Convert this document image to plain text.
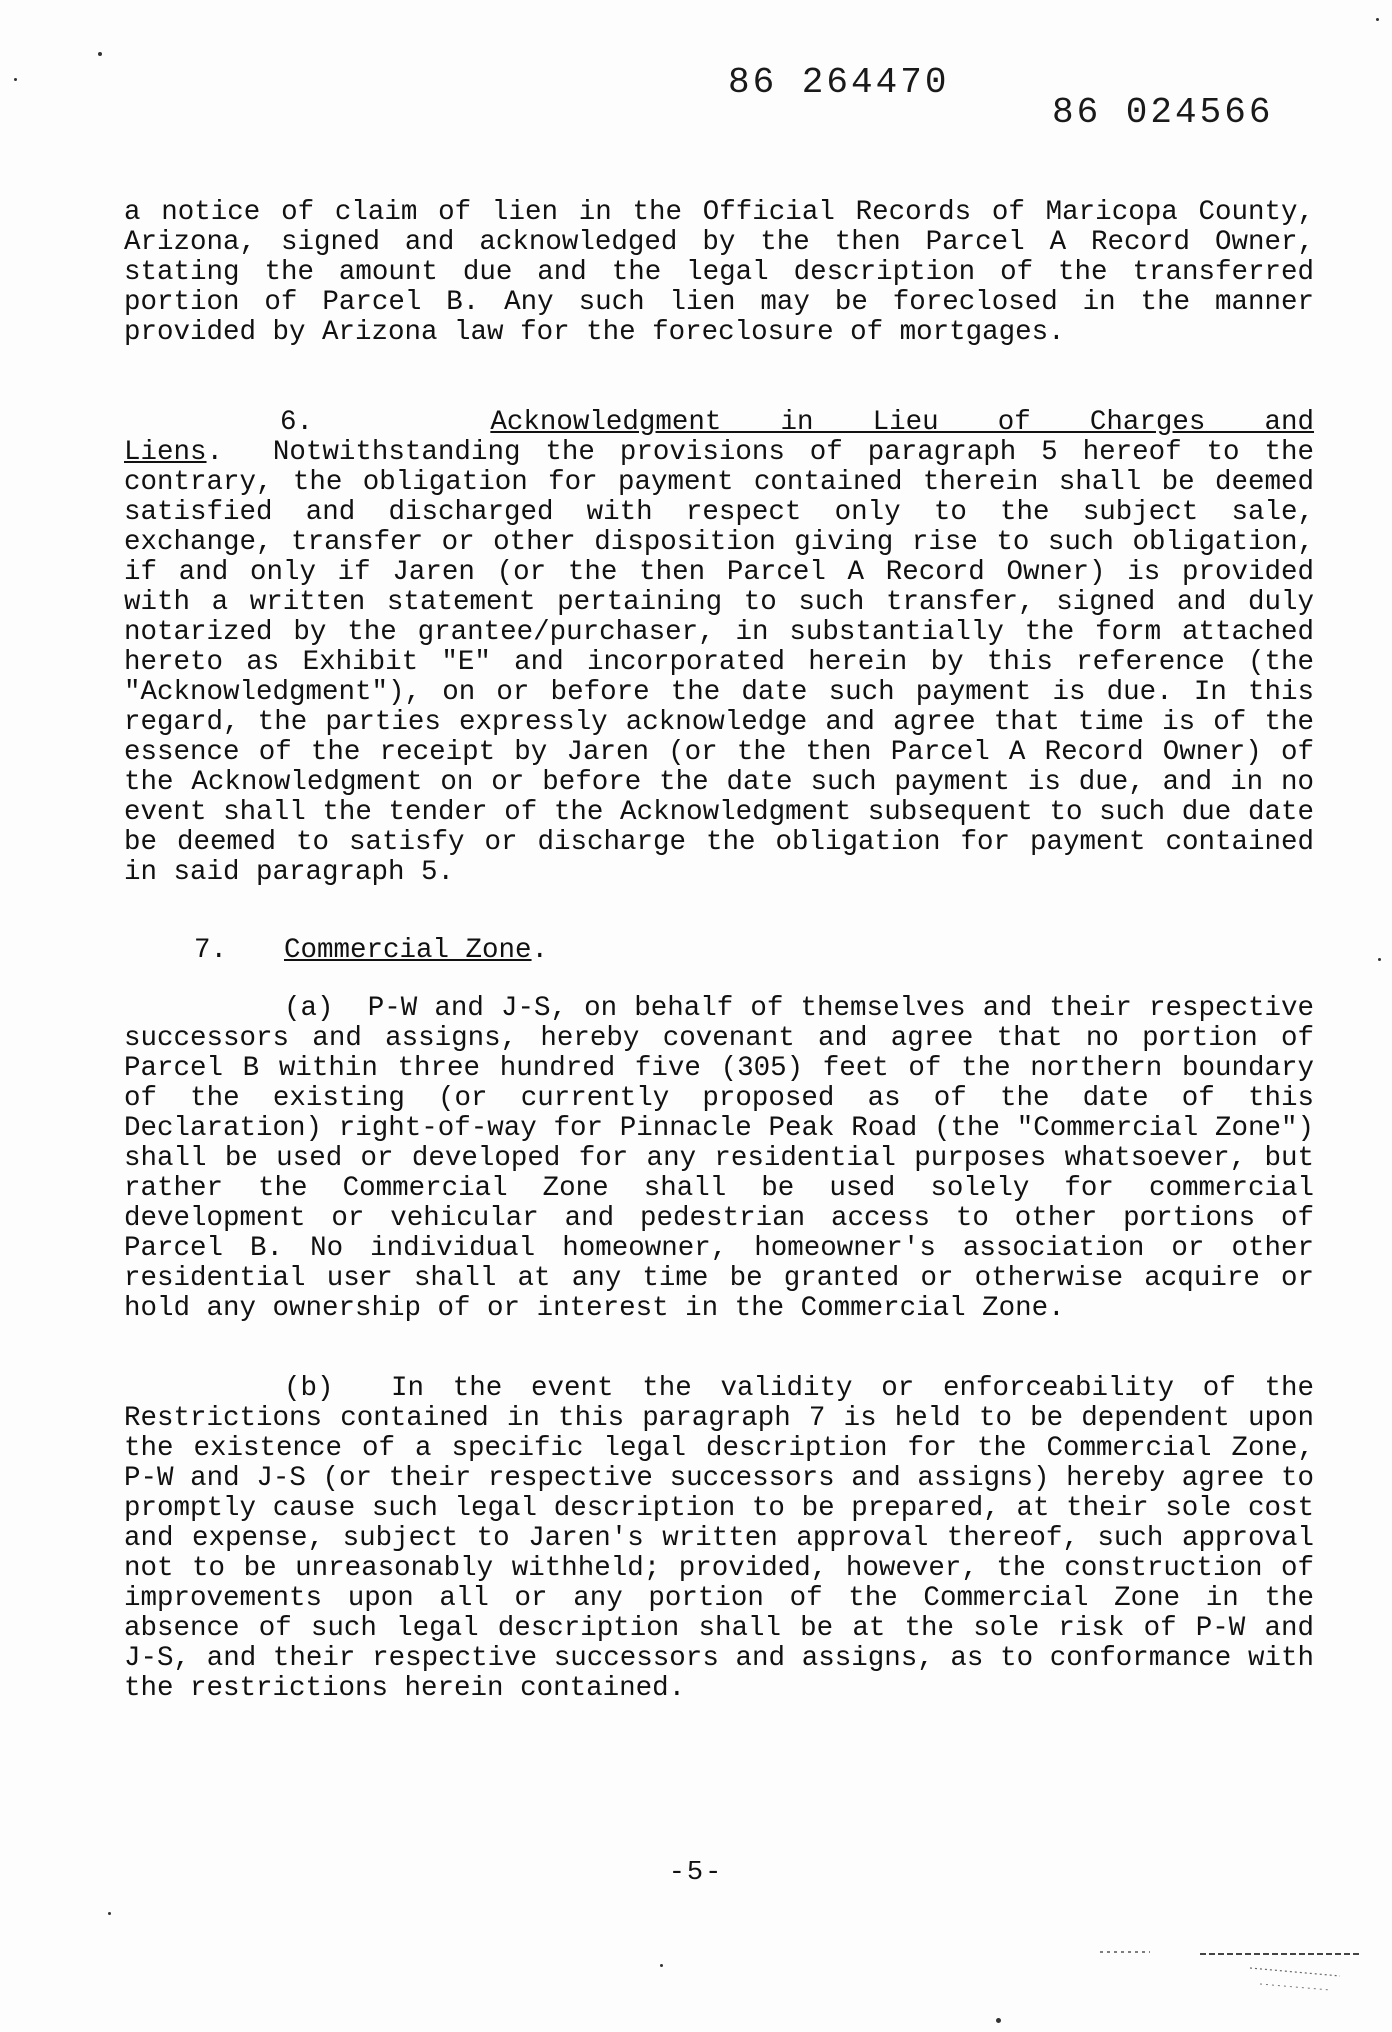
86 264470
86 024566
a notice of claim of lien in the Official Records of Maricopa County, Arizona, signed and acknowledged by the then Parcel A Record Owner, stating the amount due and the legal description of the transferred portion of Parcel B. Any such lien may be foreclosed in the manner provided by Arizona law for the foreclosure of mortgages.
6.	Acknowledgment in Lieu of Charges and Liens. Notwithstanding the provisions of paragraph 5 hereof to the contrary, the obligation for payment contained therein shall be deemed satisfied and discharged with respect only to the subject sale, exchange, transfer or other disposition giving rise to such obligation, if and only if Jaren (or the then Parcel A Record Owner) is provided with a written statement pertaining to such transfer, signed and duly notarized by the grantee/purchaser, in substantially the form attached hereto as Exhibit "E" and incorporated herein by this reference (the "Acknowledgment"), on or before the date such payment is due. In this regard, the parties expressly acknowledge and agree that time is of the essence of the receipt by Jaren (or the then Parcel A Record Owner) of the Acknowledgment on or before the date such payment is due, and in no event shall the tender of the Acknowledgment subsequent to such due date be deemed to satisfy or discharge the obligation for payment contained in said paragraph 5.
7. Commercial Zone.
(a) P-W and J-S, on behalf of themselves and their respective successors and assigns, hereby covenant and agree that no portion of Parcel B within three hundred five (305) feet of the northern boundary of the existing (or currently proposed as of the date of this Declaration) right-of-way for Pinnacle Peak Road (the "Commercial Zone") shall be used or developed for any residential purposes whatsoever, but rather the Commercial Zone shall be used solely for commercial development or vehicular and pedestrian access to other portions of Parcel B. No individual homeowner, homeowner's association or other residential user shall at any time be granted or otherwise acquire or hold any ownership of or interest in the Commercial Zone.
(b) In the event the validity or enforceability of the Restrictions contained in this paragraph 7 is held to be dependent upon the existence of a specific legal description for the Commercial Zone, P-W and J-S (or their respective successors and assigns) hereby agree to promptly cause such legal description to be prepared, at their sole cost and expense, subject to Jaren's written approval thereof, such approval not to be unreasonably withheld; provided, however, the construction of improvements upon all or any portion of the Commercial Zone in the absence of such legal description shall be at the sole risk of P-W and J-S, and their respective successors and assigns, as to conformance with the restrictions herein contained.
-5-
